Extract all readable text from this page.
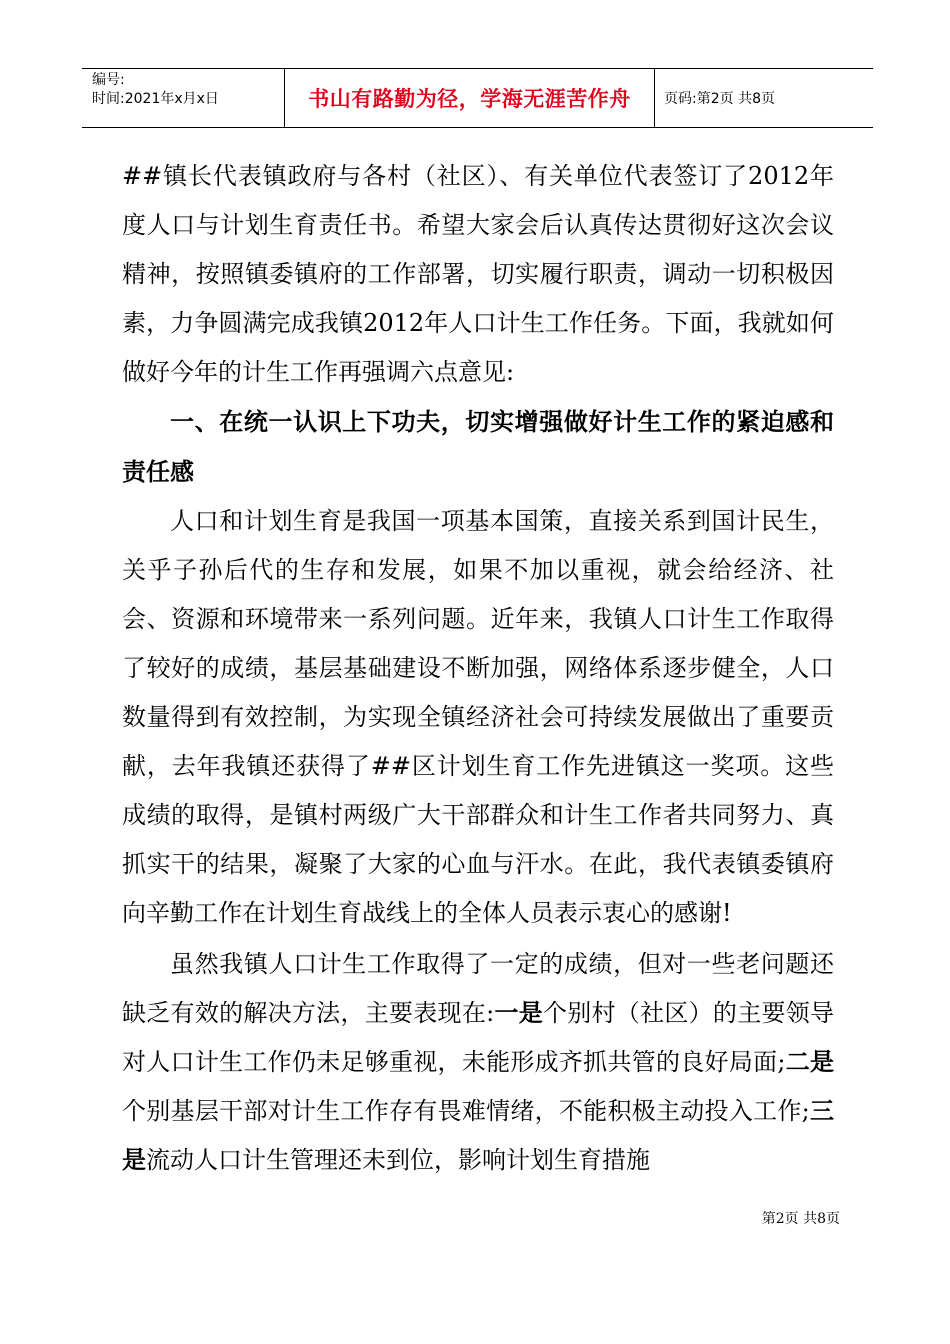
编号:
时间:2021年x月x日	书山有路勤为径，学海无涯苦作舟	页码:第2页 共8页

##镇长代表镇政府与各村（社区）、有关单位代表签订了2012年度人口与计划生育责任书。希望大家会后认真传达贯彻好这次会议精神，按照镇委镇府的工作部署，切实履行职责，调动一切积极因素，力争圆满完成我镇2012年人口计生工作任务。下面，我就如何做好今年的计生工作再强调六点意见:

一、在统一认识上下功夫，切实增强做好计生工作的紧迫感和责任感

人口和计划生育是我国一项基本国策，直接关系到国计民生，关乎子孙后代的生存和发展，如果不加以重视，就会给经济、社会、资源和环境带来一系列问题。近年来，我镇人口计生工作取得了较好的成绩，基层基础建设不断加强，网络体系逐步健全，人口数量得到有效控制，为实现全镇经济社会可持续发展做出了重要贡献，去年我镇还获得了##区计划生育工作先进镇这一奖项。这些成绩的取得，是镇村两级广大干部群众和计生工作者共同努力、真抓实干的结果，凝聚了大家的心血与汗水。在此，我代表镇委镇府向辛勤工作在计划生育战线上的全体人员表示衷心的感谢!

虽然我镇人口计生工作取得了一定的成绩，但对一些老问题还缺乏有效的解决方法，主要表现在:一是个别村（社区）的主要领导对人口计生工作仍未足够重视，未能形成齐抓共管的良好局面;二是个别基层干部对计生工作存有畏难情绪，不能积极主动投入工作;三是流动人口计生管理还未到位，影响计划生育措施

第2页 共8页
